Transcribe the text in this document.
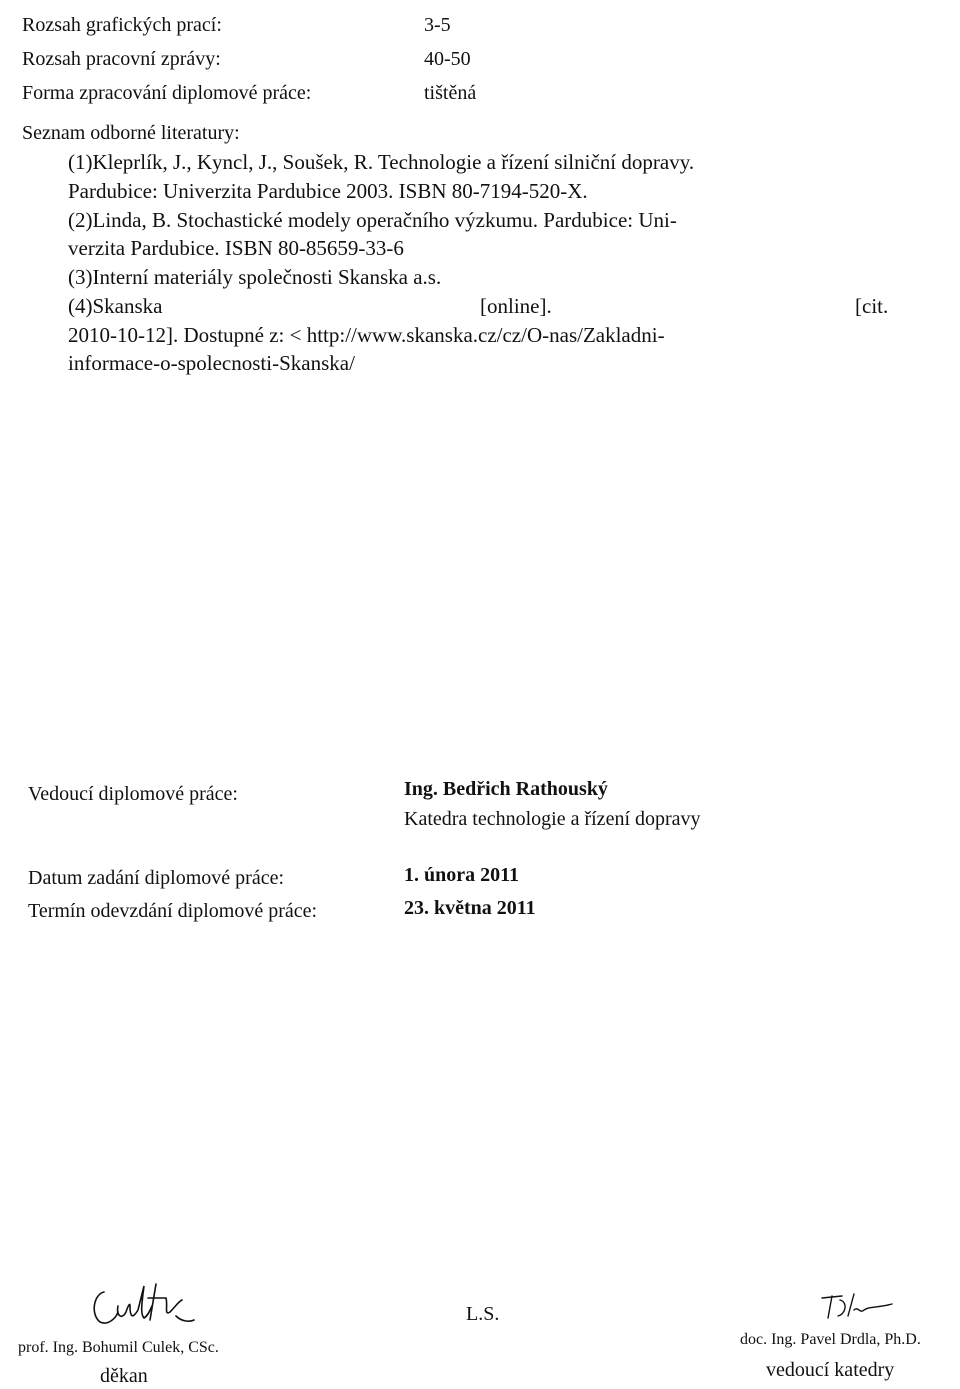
Rozsah grafických prací:	3-5
Rozsah pracovní zprávy:	40-50
Forma zpracování diplomové práce:	tištěná
Seznam odborné literatury:
(1)Kleprlík, J., Kyncl, J., Soušek, R. Technologie a řízení silniční dopravy.
Pardubice: Univerzita Pardubice 2003. ISBN 80-7194-520-X.
(2)Linda, B. Stochastické modely operačního výzkumu. Pardubice: Uni-
verzita Pardubice. ISBN 80-85659-33-6
(3)Interní materiály společnosti Skanska a.s.
(4)Skanska	[online].	[cit.
2010-10-12]. Dostupné z: < http://www.skanska.cz/cz/O-nas/Zakladni-
informace-o-spolecnosti-Skanska/
Vedoucí diplomové práce:	Ing. Bedřich Rathouský
Katedra technologie a řízení dopravy
Datum zadání diplomové práce:	1. února 2011
Termín odevzdání diplomové práce:	23. května 2011
prof. Ing. Bohumil Culek, CSc.
děkan
L.S.
doc. Ing. Pavel Drdla, Ph.D.
vedoucí katedry
